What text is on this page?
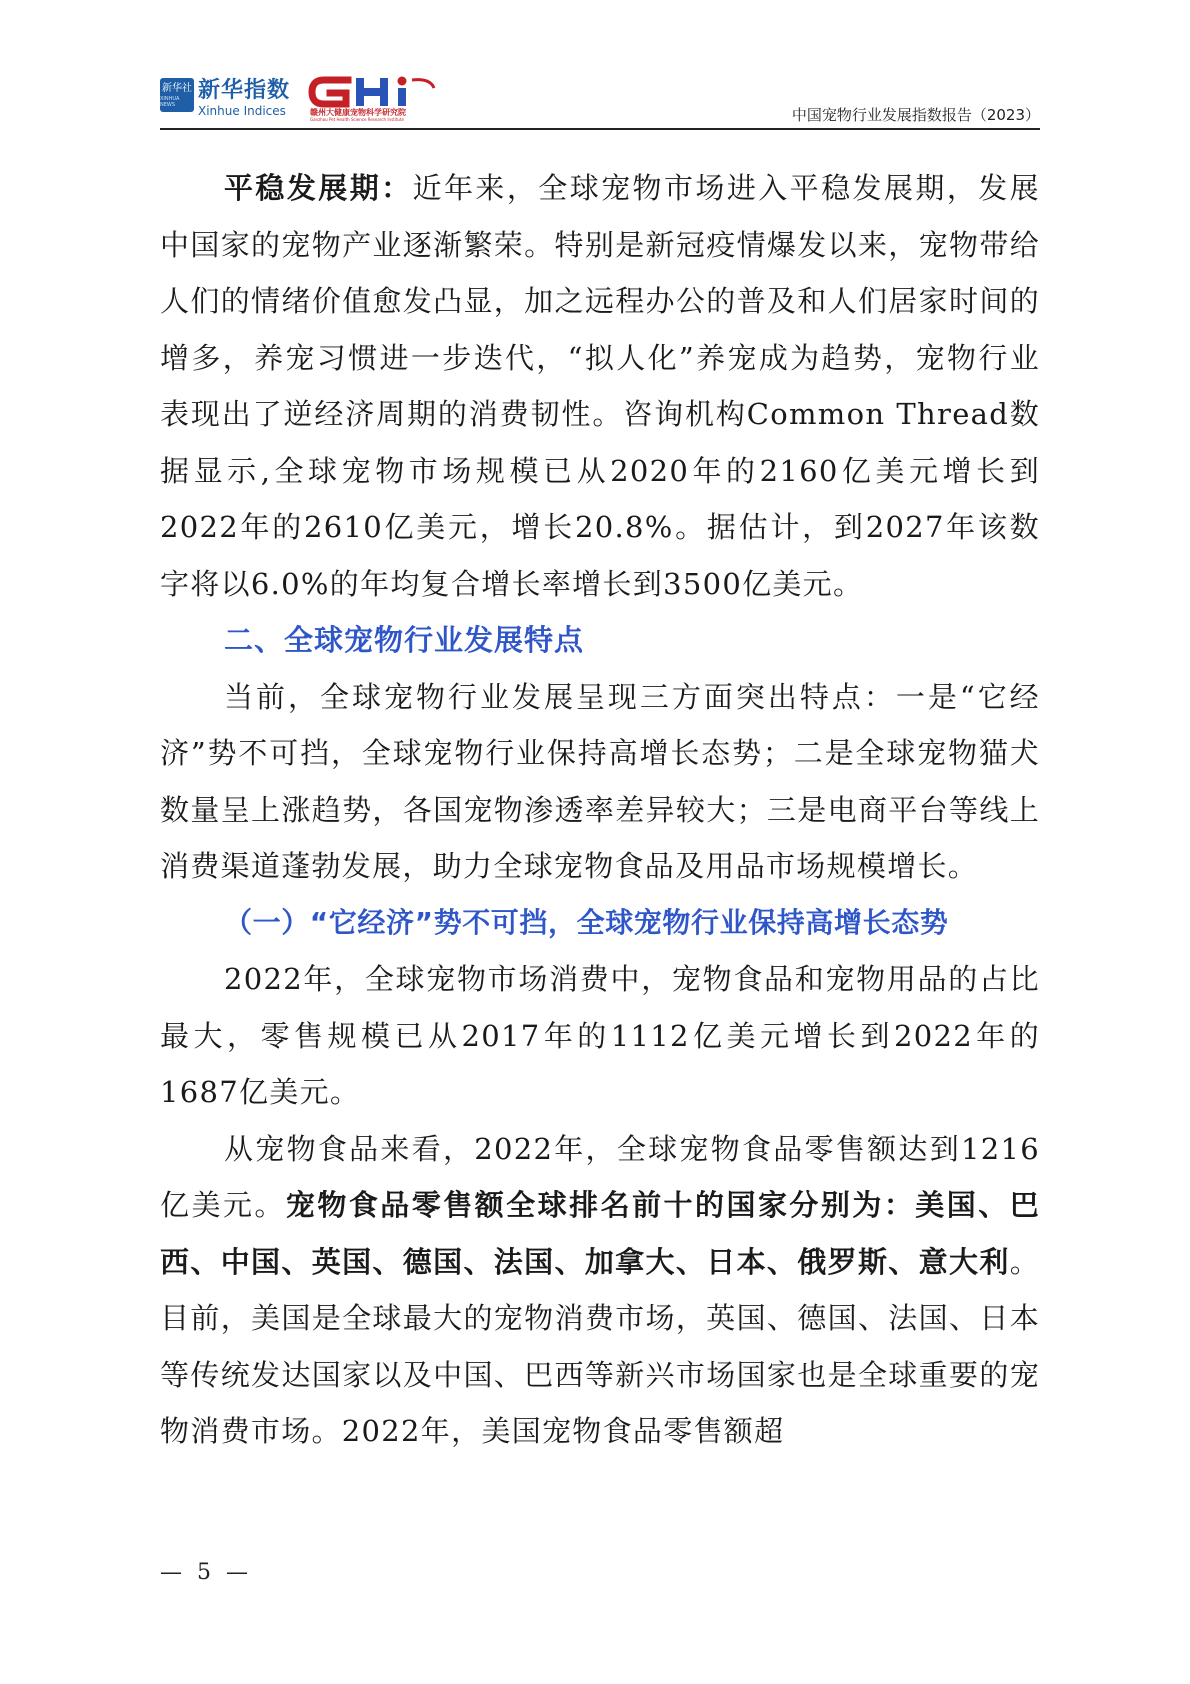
新华社
XINHUA NEWS
新华指数
Xinhue Indices	赣州大健康宠物科学研究院
Ganzhou Pet Health Science Research Institute	中国宠物行业发展指数报告（2023）

平稳发展期：近年来，全球宠物市场进入平稳发展期，发展中国家的宠物产业逐渐繁荣。特别是新冠疫情爆发以来，宠物带给人们的情绪价值愈发凸显，加之远程办公的普及和人们居家时间的增多，养宠习惯进一步迭代，“拟人化”养宠成为趋势，宠物行业表现出了逆经济周期的消费韧性。咨询机构Common Thread数据显示,全球宠物市场规模已从2020年的2160亿美元增长到2022年的2610亿美元，增长20.8%。据估计，到2027年该数字将以6.0%的年均复合增长率增长到3500亿美元。

二、全球宠物行业发展特点

当前，全球宠物行业发展呈现三方面突出特点：一是“它经济”势不可挡，全球宠物行业保持高增长态势；二是全球宠物猫犬数量呈上涨趋势，各国宠物渗透率差异较大；三是电商平台等线上消费渠道蓬勃发展，助力全球宠物食品及用品市场规模增长。

（一）“它经济”势不可挡，全球宠物行业保持高增长态势

2022年，全球宠物市场消费中，宠物食品和宠物用品的占比最大，零售规模已从2017年的1112亿美元增长到2022年的1687亿美元。

从宠物食品来看，2022年，全球宠物食品零售额达到1216亿美元。宠物食品零售额全球排名前十的国家分别为：美国、巴西、中国、英国、德国、法国、加拿大、日本、俄罗斯、意大利。目前，美国是全球最大的宠物消费市场，英国、德国、法国、日本等传统发达国家以及中国、巴西等新兴市场国家也是全球重要的宠物消费市场。2022年，美国宠物食品零售额超

— 5 —
